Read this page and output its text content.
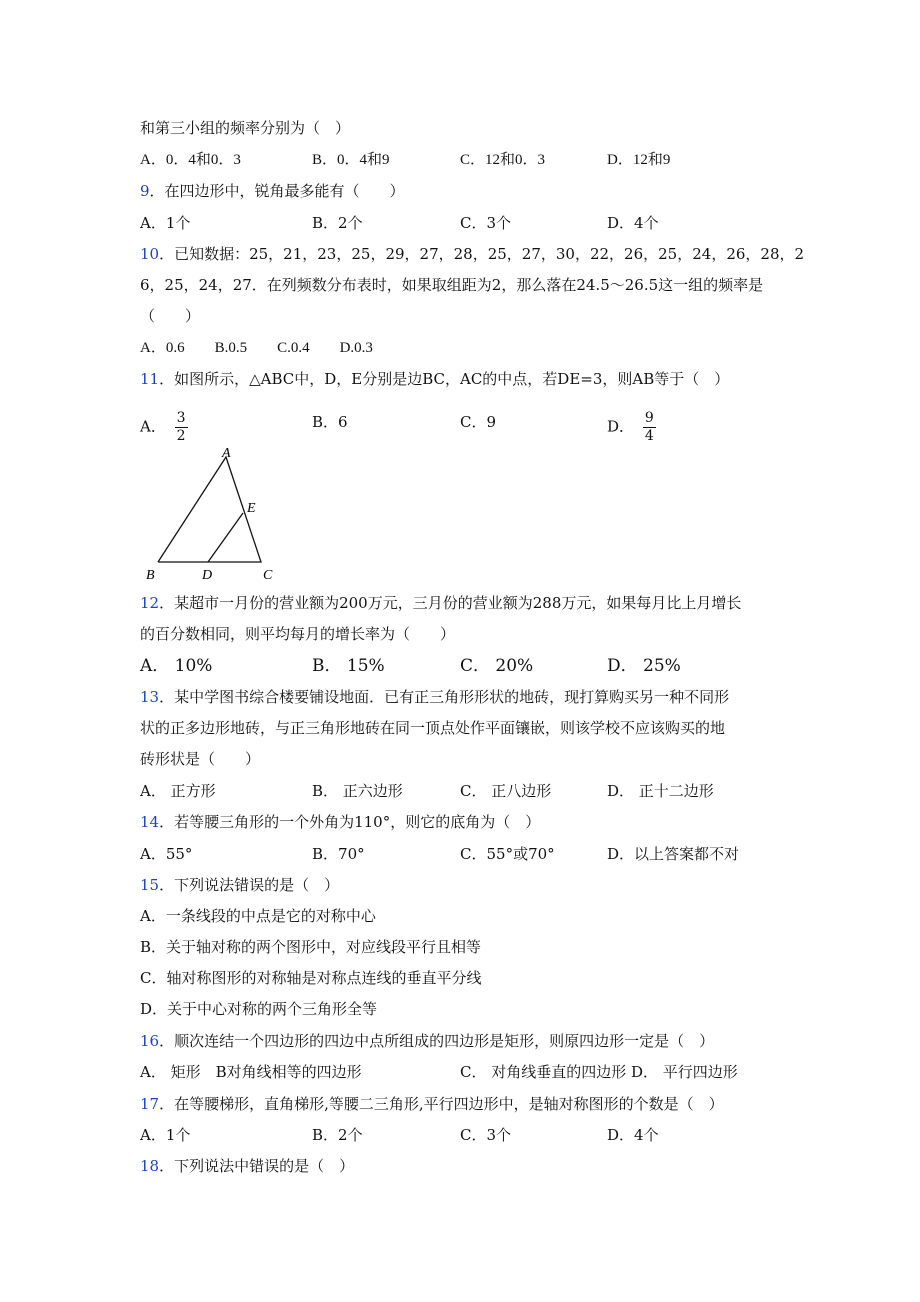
和第三小组的频率分别为（　）
A．0．4和0．3	B．0．4和9	C．12和0．3	D．12和9
9．在四边形中，锐角最多能有（　　）
A．1个	B．2个	C．3个	D．4个
10．已知数据：25，21，23，25，29，27，28，25，27，30，22，26，25，24，26，28，2
6，25，24，27．在列频数分布表时，如果取组距为2，那么落在24.5～26.5这一组的频率是
（　　）
A．0.6　　B.0.5　　C.0.4　　D.0.3
11．如图所示，△ABC中，D，E分别是边BC，AC的中点，若DE=3，则AB等于（　）
A． $\frac{3}{2}$	B．6	C．9	D． $\frac{9}{4}$
A
B	D	C
E
12．某超市一月份的营业额为200万元，三月份的营业额为288万元，如果每月比上月增长
的百分数相同，则平均每月的增长率为（　　）
A． 10%	B． 15%	C． 20%	D． 25%
13．某中学图书综合楼要铺设地面．已有正三角形形状的地砖，现打算购买另一种不同形
状的正多边形地砖，与正三角形地砖在同一顶点处作平面镶嵌，则该学校不应该购买的地
砖形状是（　　）
A． 正方形	B． 正六边形	C． 正八边形	D． 正十二边形
14．若等腰三角形的一个外角为110°，则它的底角为（　）
A．55°	B．70°	C．55°或70°	D．以上答案都不对
15．下列说法错误的是（　）
A．一条线段的中点是它的对称中心
B．关于轴对称的两个图形中，对应线段平行且相等
C．轴对称图形的对称轴是对称点连线的垂直平分线
D．关于中心对称的两个三角形全等
16．顺次连结一个四边形的四边中点所组成的四边形是矩形，则原四边形一定是（　）
A． 矩形　B对角线相等的四边形	C． 对角线垂直的四边形 D． 平行四边形
17．在等腰梯形，直角梯形,等腰二三角形,平行四边形中，是轴对称图形的个数是（　）
A．1个	B．2个	C．3个	D．4个
18．下列说法中错误的是（　）
